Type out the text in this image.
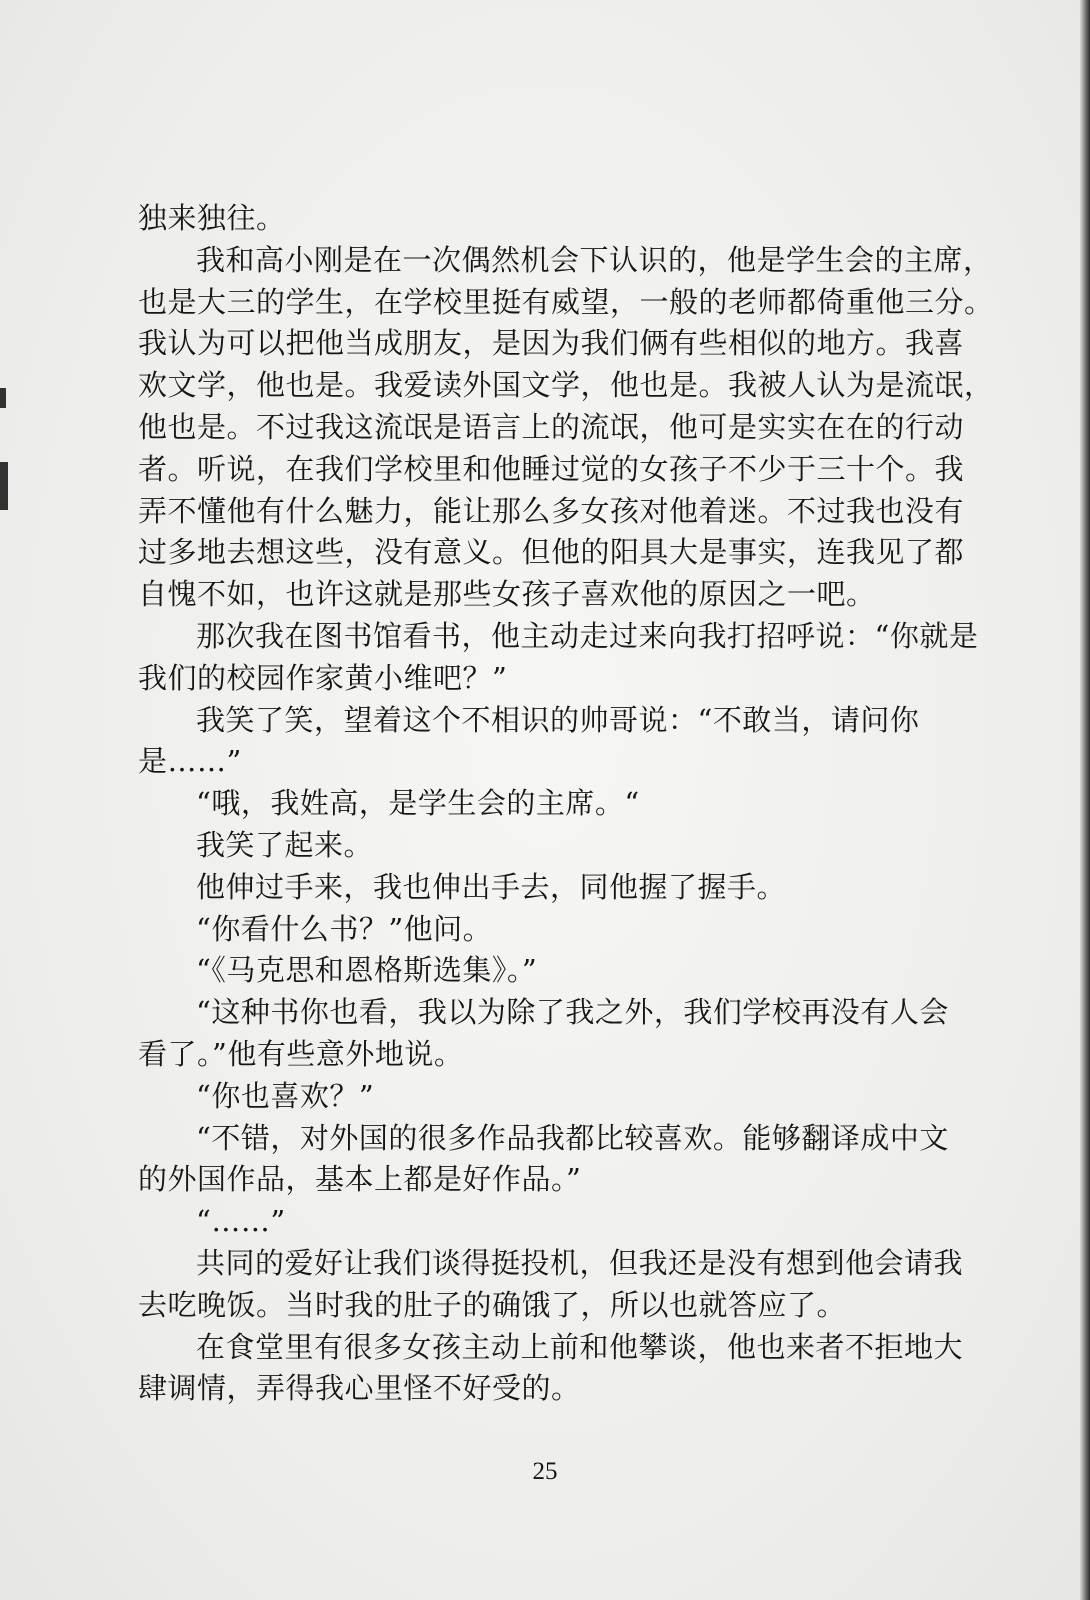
独来独往。
我和高小刚是在一次偶然机会下认识的，他是学生会的主席，
也是大三的学生，在学校里挺有威望，一般的老师都倚重他三分。
我认为可以把他当成朋友，是因为我们俩有些相似的地方。我喜
欢文学，他也是。我爱读外国文学，他也是。我被人认为是流氓，
他也是。不过我这流氓是语言上的流氓，他可是实实在在的行动
者。听说，在我们学校里和他睡过觉的女孩子不少于三十个。我
弄不懂他有什么魅力，能让那么多女孩对他着迷。不过我也没有
过多地去想这些，没有意义。但他的阳具大是事实，连我见了都
自愧不如，也许这就是那些女孩子喜欢他的原因之一吧。
那次我在图书馆看书，他主动走过来向我打招呼说：“你就是
我们的校园作家黄小维吧？”
我笑了笑，望着这个不相识的帅哥说：“不敢当，请问你
是……”
“哦，我姓高，是学生会的主席。“
我笑了起来。
他伸过手来，我也伸出手去，同他握了握手。
“你看什么书？”他问。
“《马克思和恩格斯选集》。”
“这种书你也看，我以为除了我之外，我们学校再没有人会
看了。”他有些意外地说。
“你也喜欢？”
“不错，对外国的很多作品我都比较喜欢。能够翻译成中文
的外国作品，基本上都是好作品。”
“……”
共同的爱好让我们谈得挺投机，但我还是没有想到他会请我
去吃晚饭。当时我的肚子的确饿了，所以也就答应了。
在食堂里有很多女孩主动上前和他攀谈，他也来者不拒地大
肆调情，弄得我心里怪不好受的。
25
